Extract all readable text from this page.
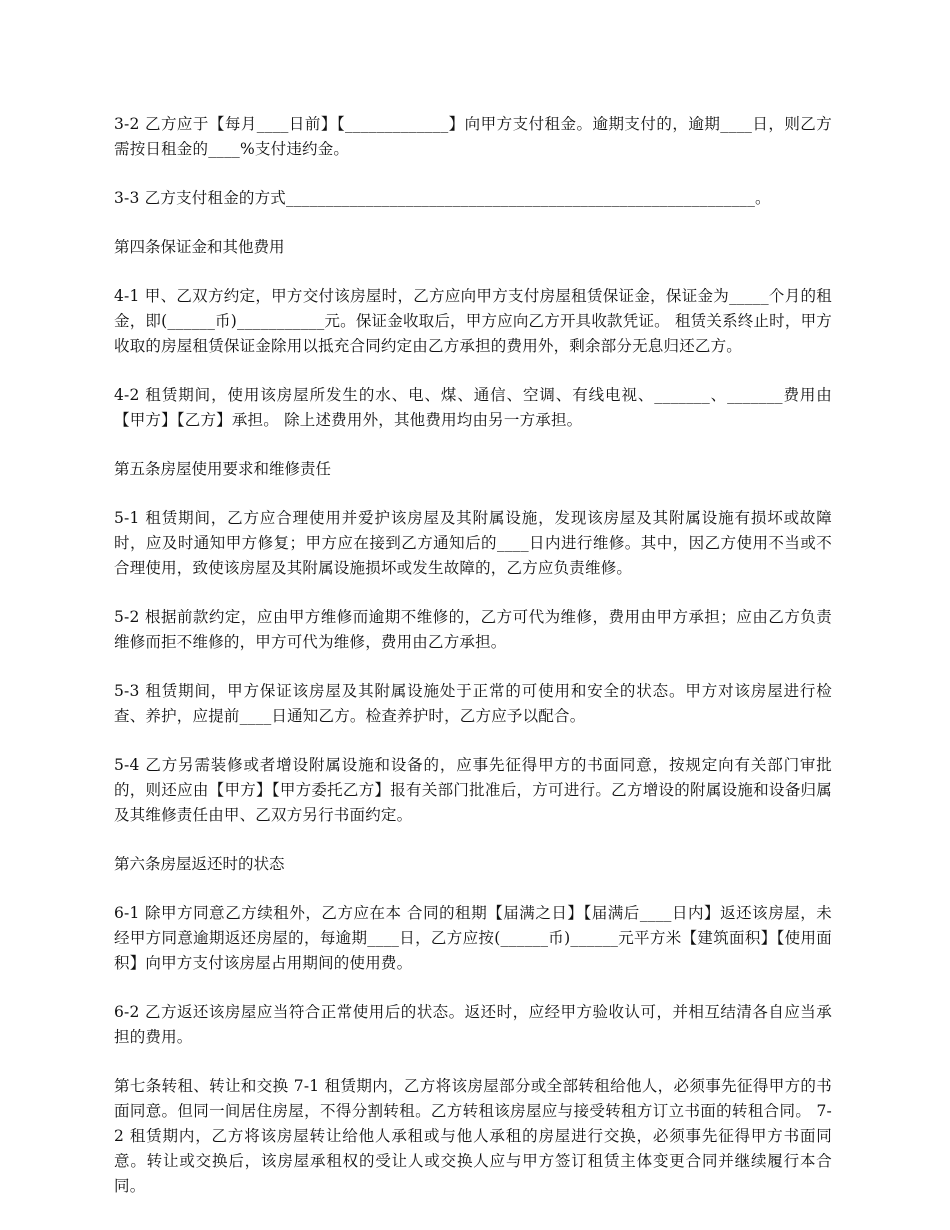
3-2 乙方应于【每月____日前】【_____________】向甲方支付租金。逾期支付的，逾期____日，则乙方需按日租金的____%支付违约金。

3-3 乙方支付租金的方式___________________________________________________________。

第四条保证金和其他费用

4-1 甲、乙双方约定，甲方交付该房屋时，乙方应向甲方支付房屋租赁保证金，保证金为_____个月的租金，即(______币)___________元。保证金收取后，甲方应向乙方开具收款凭证。 租赁关系终止时，甲方收取的房屋租赁保证金除用以抵充合同约定由乙方承担的费用外，剩余部分无息归还乙方。

4-2 租赁期间，使用该房屋所发生的水、电、煤、通信、空调、有线电视、_______、_______费用由【甲方】【乙方】承担。 除上述费用外，其他费用均由另一方承担。

第五条房屋使用要求和维修责任

5-1 租赁期间，乙方应合理使用并爱护该房屋及其附属设施，发现该房屋及其附属设施有损坏或故障时，应及时通知甲方修复；甲方应在接到乙方通知后的____日内进行维修。其中，因乙方使用不当或不合理使用，致使该房屋及其附属设施损坏或发生故障的，乙方应负责维修。

5-2 根据前款约定，应由甲方维修而逾期不维修的，乙方可代为维修，费用由甲方承担；应由乙方负责维修而拒不维修的，甲方可代为维修，费用由乙方承担。

5-3 租赁期间，甲方保证该房屋及其附属设施处于正常的可使用和安全的状态。甲方对该房屋进行检查、养护，应提前____日通知乙方。检查养护时，乙方应予以配合。

5-4 乙方另需装修或者增设附属设施和设备的，应事先征得甲方的书面同意，按规定向有关部门审批的，则还应由【甲方】【甲方委托乙方】报有关部门批准后，方可进行。乙方增设的附属设施和设备归属及其维修责任由甲、乙双方另行书面约定。

第六条房屋返还时的状态

6-1 除甲方同意乙方续租外，乙方应在本 合同的租期【届满之日】【届满后____日内】返还该房屋，未经甲方同意逾期返还房屋的，每逾期____日，乙方应按(______币)______元平方米【建筑面积】【使用面积】向甲方支付该房屋占用期间的使用费。

6-2 乙方返还该房屋应当符合正常使用后的状态。返还时，应经甲方验收认可，并相互结清各自应当承担的费用。

第七条转租、转让和交换 7-1 租赁期内，乙方将该房屋部分或全部转租给他人，必须事先征得甲方的书面同意。但同一间居住房屋，不得分割转租。乙方转租该房屋应与接受转租方订立书面的转租合同。 7-2 租赁期内，乙方将该房屋转让给他人承租或与他人承租的房屋进行交换，必须事先征得甲方书面同意。转让或交换后，该房屋承租权的受让人或交换人应与甲方签订租赁主体变更合同并继续履行本合同。
